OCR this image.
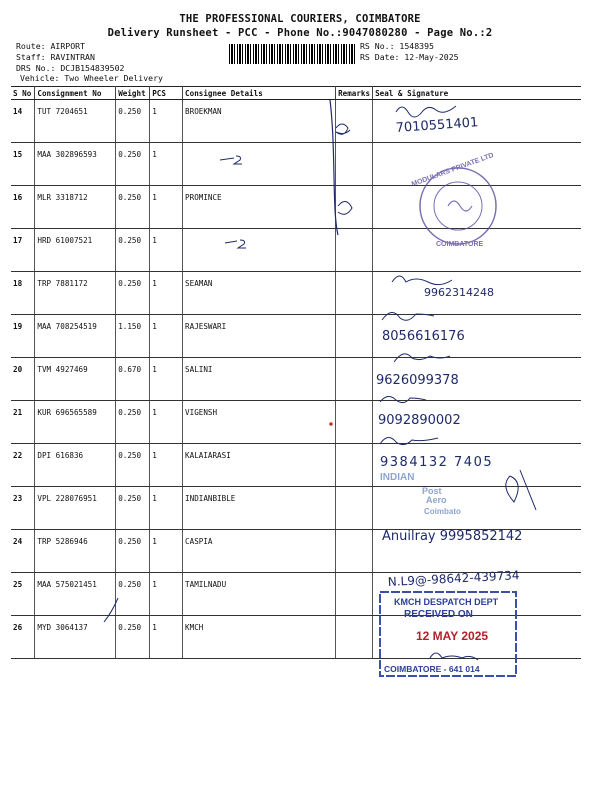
THE PROFESSIONAL COURIERS, COIMBATORE
Delivery Runsheet - PCC - Phone No.:9047080280 - Page No.:2
Route: AIRPORT
Staff: RAVINTRAN
DRS No.: DCJB154839502
Vehicle: Two Wheeler Delivery
RS No.: 1548395
RS Date: 12-May-2025
S No	Consignment No	Weight	PCS	Consignee Details	Remarks	Seal & Signature
14	TUT 7204651	0.250	1	BROEKMAN		
15	MAA 302896593	0.250	1			
16	MLR 3318712	0.250	1	PROMINCE		
17	HRD 61007521	0.250	1			
18	TRP 7881172	0.250	1	SEAMAN		
19	MAA 708254519	1.150	1	RAJESWARI		
20	TVM 4927469	0.670	1	SALINI		
21	KUR 696565589	0.250	1	VIGENSH		
22	DPI 616836	0.250	1	KALAIARASI		
23	VPL 228076951	0.250	1	INDIANBIBLE		
24	TRP 5286946	0.250	1	CASPIA		
25	MAA 575021451	0.250	1	TAMILNADU		
26	MYD 3064137	0.250	1	KMCH		
7010551401
9962314248
8056616176
9626099378
9092890002
9384132 7405
Anuilray 9995852142
N.L9@-98642-439734
MODULARS PRIVATE LTD
COIMBATORE
INDIAN
Post
Aero
Coimbato
KMCH DESPATCH DEPT
RECEIVED ON
12 MAY 2025
COIMBATORE - 641 014
